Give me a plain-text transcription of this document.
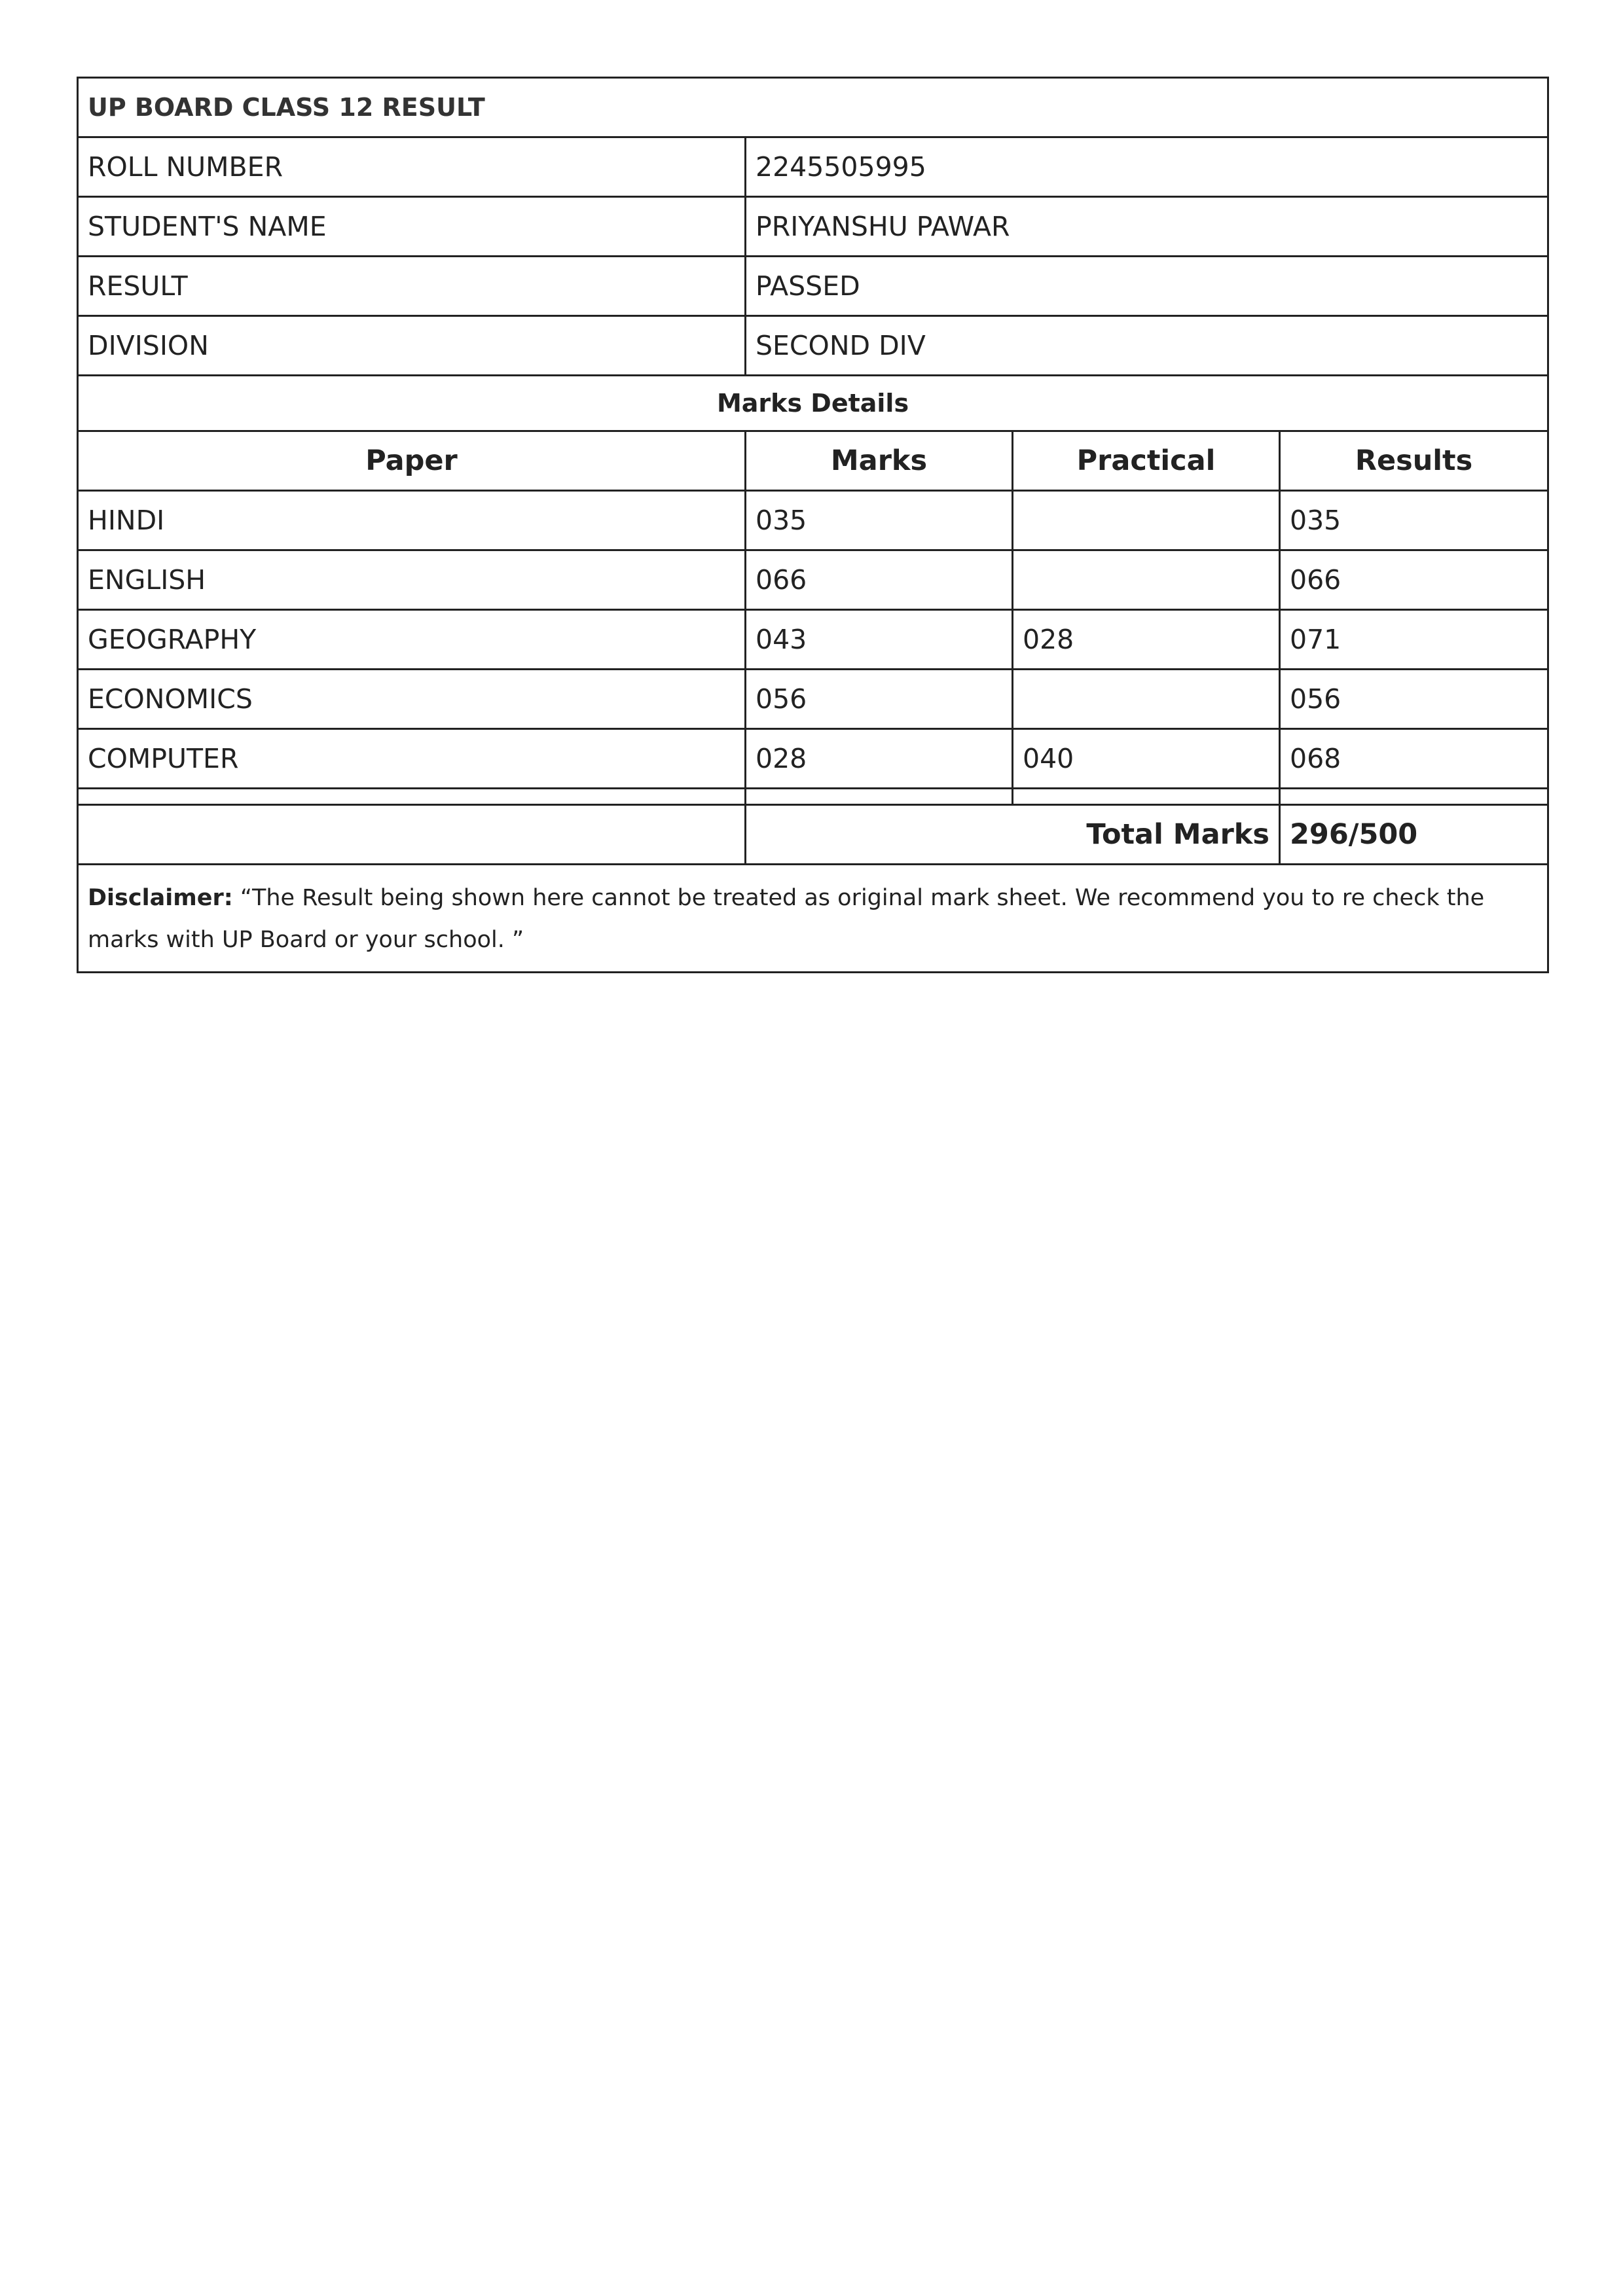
UP BOARD CLASS 12 RESULT			
ROLL NUMBER	2245505995		
STUDENT'S NAME	PRIYANSHU PAWAR		
RESULT	PASSED		
DIVISION	SECOND DIV		
Marks Details			
Paper	Marks	Practical	Results
HINDI	035		035
ENGLISH	066		066
GEOGRAPHY	043	028	071
ECONOMICS	056		056
COMPUTER	028	040	068

	Total Marks		296/500
Disclaimer: “The Result being shown here cannot be treated as original mark sheet. We recommend you to re check the marks with UP Board or your school. ”			
